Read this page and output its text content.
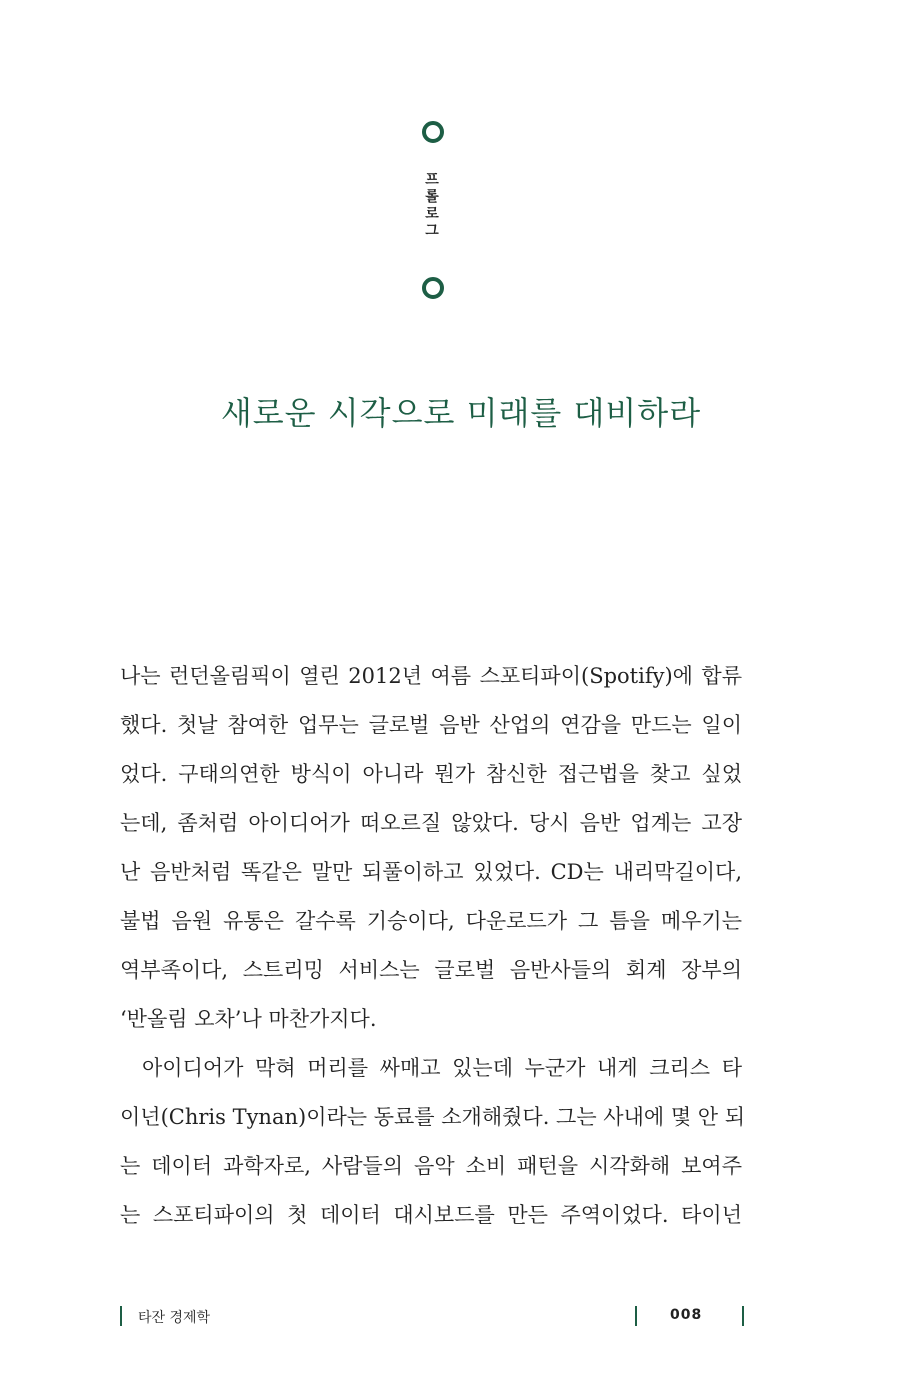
프
롤
로
그
새로운 시각으로 미래를 대비하라
나는 런던올림픽이 열린 2012년 여름 스포티파이(Spotify)에 합류
했다. 첫날 참여한 업무는 글로벌 음반 산업의 연감을 만드는 일이
었다. 구태의연한 방식이 아니라 뭔가 참신한 접근법을 찾고 싶었
는데, 좀처럼 아이디어가 떠오르질 않았다. 당시 음반 업계는 고장
난 음반처럼 똑같은 말만 되풀이하고 있었다. CD는 내리막길이다,
불법 음원 유통은 갈수록 기승이다, 다운로드가 그 틈을 메우기는
역부족이다, 스트리밍 서비스는 글로벌 음반사들의 회계 장부의
‘반올림 오차’나 마찬가지다.
아이디어가 막혀 머리를 싸매고 있는데 누군가 내게 크리스 타
이넌(Chris Tynan)이라는 동료를 소개해줬다. 그는 사내에 몇 안 되
는 데이터 과학자로, 사람들의 음악 소비 패턴을 시각화해 보여주
는 스포티파이의 첫 데이터 대시보드를 만든 주역이었다. 타이넌
타잔 경제학	008
